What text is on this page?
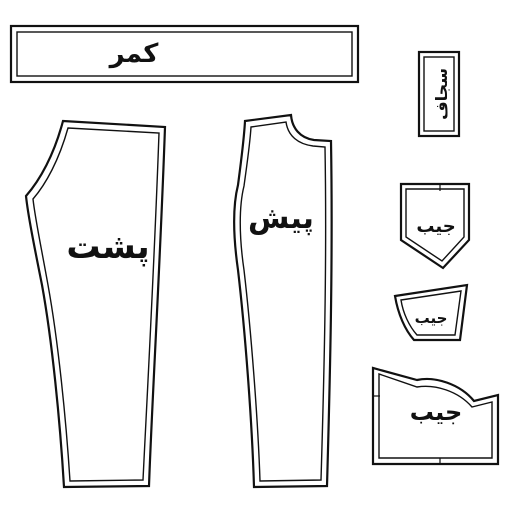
کمر
سجاف
پشت
پیش	جیب
جیب
جیب
